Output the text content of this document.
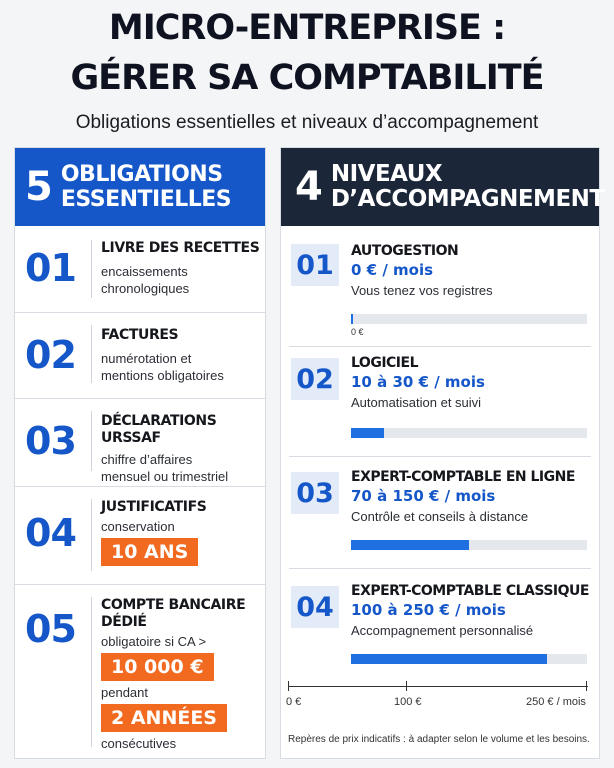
MICRO-ENTREPRISE :
GÉRER SA COMPTABILITÉ
Obligations essentielles et niveaux d’accompagnement
5 OBLIGATIONS
ESSENTIELLES
01 LIVRE DES RECETTES
encaissements
chronologiques
02 FACTURES
numérotation et
mentions obligatoires
03 DÉCLARATIONS URSSAF
chiffre d’affaires
mensuel ou trimestriel
04
JUSTIFICATIFS
conservation
10 ANS
05
COMPTE BANCAIRE
DÉDIÉ
obligatoire si CA >
10 000 €
pendant
2 ANNÉES
consécutives
4 NIVEAUX
D’ACCOMPAGNEMENT
01	AUTOGESTION
0 € / mois
Vous tenez vos registres
0 €
02
LOGICIEL
10 à 30 € / mois
Automatisation et suivi
03
EXPERT-COMPTABLE EN LIGNE
70 à 150 € / mois
Contrôle et conseils à distance
04
EXPERT-COMPTABLE CLASSIQUE
100 à 250 € / mois
Accompagnement personnalisé
0 €	100 €	250 € / mois
Repères de prix indicatifs : à adapter selon le volume et les besoins.
